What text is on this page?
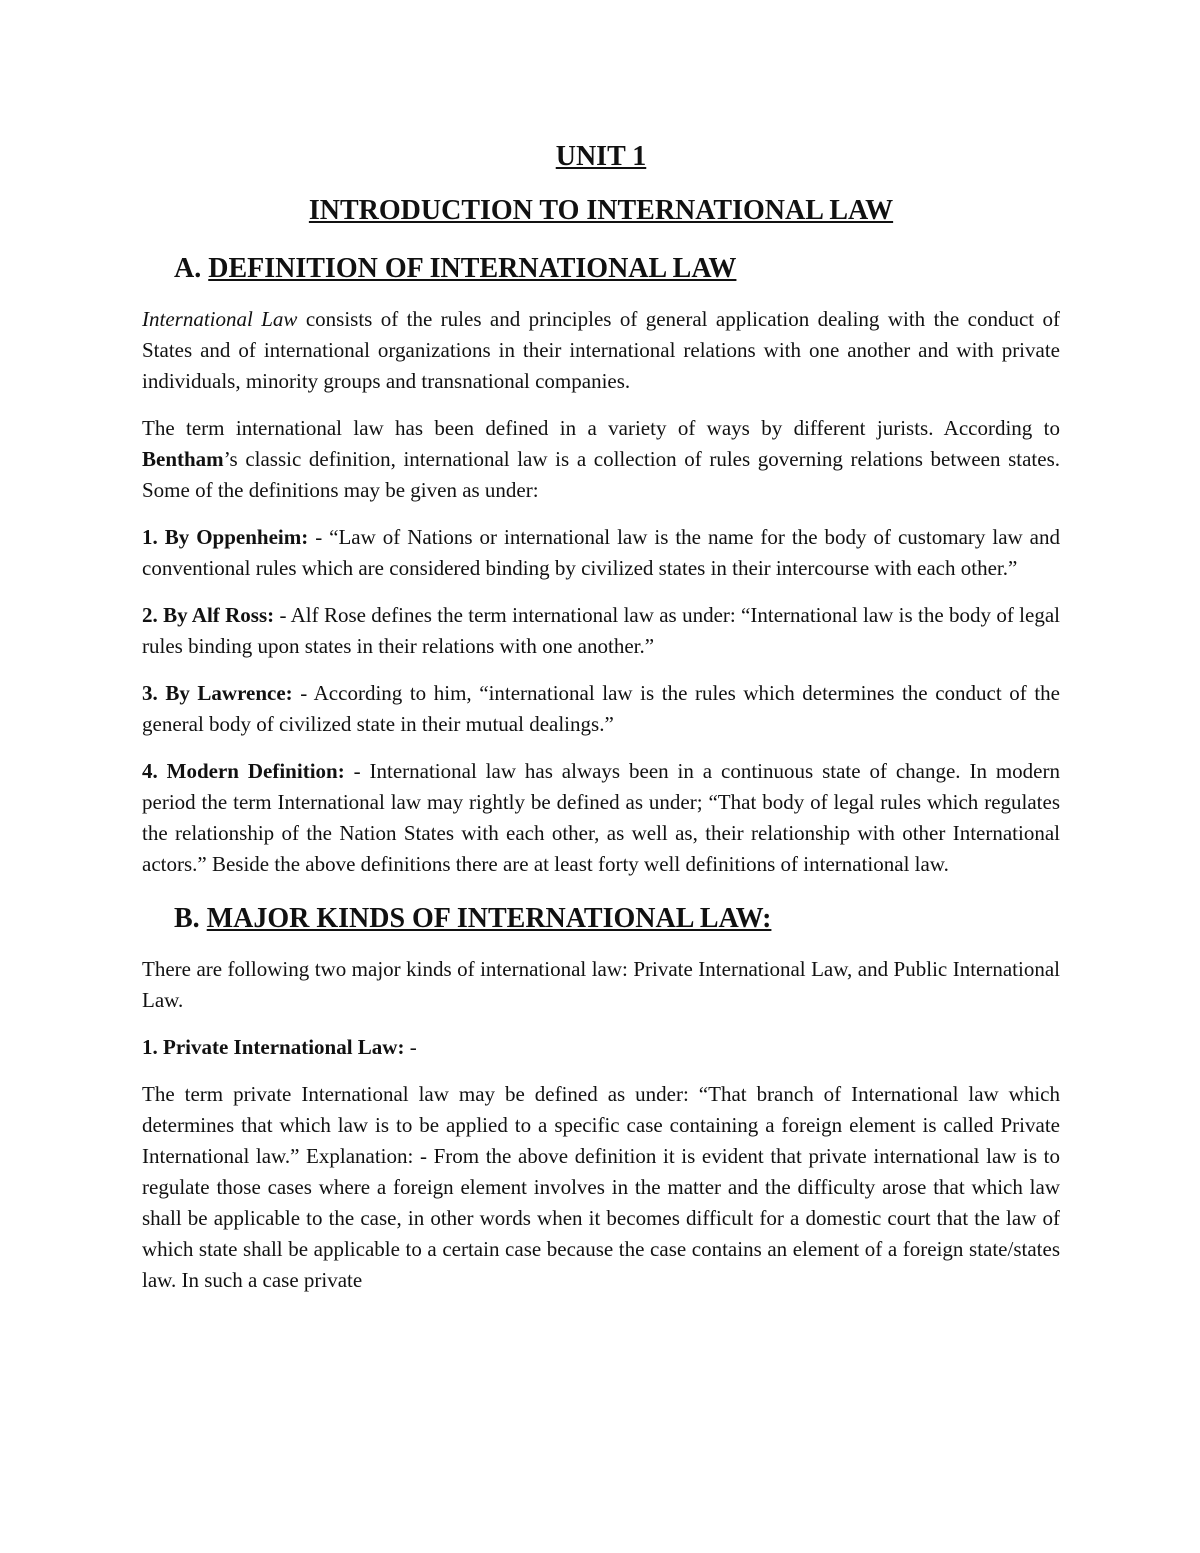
UNIT 1
INTRODUCTION TO INTERNATIONAL LAW
A. DEFINITION OF INTERNATIONAL LAW

International Law consists of the rules and principles of general application dealing with the conduct of States and of international organizations in their international relations with one another and with private individuals, minority groups and transnational companies.

The term international law has been defined in a variety of ways by different jurists. According to Bentham’s classic definition, international law is a collection of rules governing relations between states. Some of the definitions may be given as under:

1. By Oppenheim: - “Law of Nations or international law is the name for the body of customary law and conventional rules which are considered binding by civilized states in their intercourse with each other.”

2. By Alf Ross: - Alf Rose defines the term international law as under: “International law is the body of legal rules binding upon states in their relations with one another.”

3. By Lawrence: - According to him, “international law is the rules which determines the conduct of the general body of civilized state in their mutual dealings.”

4. Modern Definition: - International law has always been in a continuous state of change. In modern period the term International law may rightly be defined as under; “That body of legal rules which regulates the relationship of the Nation States with each other, as well as, their relationship with other International actors.” Beside the above definitions there are at least forty well definitions of international law.

B. MAJOR KINDS OF INTERNATIONAL LAW:

There are following two major kinds of international law: Private International Law, and Public International Law.

1. Private International Law: -

The term private International law may be defined as under: “That branch of International law which determines that which law is to be applied to a specific case containing a foreign element is called Private International law.” Explanation: - From the above definition it is evident that private international law is to regulate those cases where a foreign element involves in the matter and the difficulty arose that which law shall be applicable to the case, in other words when it becomes difficult for a domestic court that the law of which state shall be applicable to a certain case because the case contains an element of a foreign state/states law. In such a case private
